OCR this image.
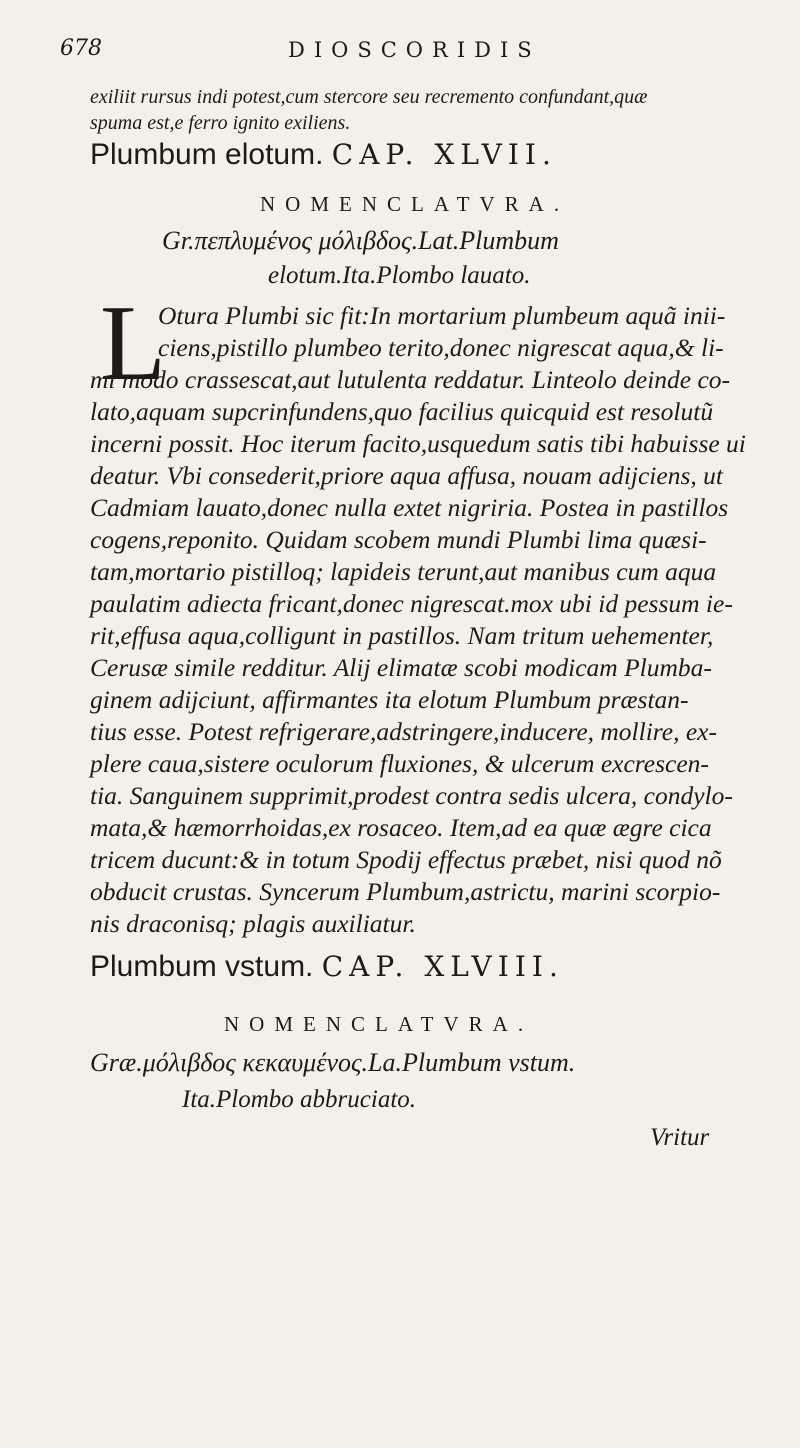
678	DIOSCORIDIS
exiliit rursus indi potest,cum stercore seu recremento confundant,quæ
spuma est,e ferro ignito exiliens.
Plumbum elotum. CAP. XLVII.
NOMENCLATVRA.
Gr.πεπλυμένος μόλιβδος.Lat.Plumbum
elotum.Ita.Plombo lauato.
L
Otura Plumbi sic fit:In mortarium plumbeum aquã inii-
ciens,pistillo plumbeo terito,donec nigrescat aqua,& li-
mi modo crassescat,aut lutulenta reddatur. Linteolo deinde co-
lato,aquam supcrinfundens,quo facilius quicquid est resolutũ
incerni possit. Hoc iterum facito,usquedum satis tibi habuisse ui
deatur. Vbi consederit,priore aqua affusa, nouam adijciens, ut
Cadmiam lauato,donec nulla extet nigriria. Postea in pastillos
cogens,reponito. Quidam scobem mundi Plumbi lima quæsi-
tam,mortario pistilloq; lapideis terunt,aut manibus cum aqua
paulatim adiecta fricant,donec nigrescat.mox ubi id pessum ie-
rit,effusa aqua,colligunt in pastillos. Nam tritum uehementer,
Cerusæ simile redditur. Alij elimatæ scobi modicam Plumba-
ginem adijciunt, affirmantes ita elotum Plumbum præstan-
tius esse. Potest refrigerare,adstringere,inducere, mollire, ex-
plere caua,sistere oculorum fluxiones, & ulcerum excrescen-
tia. Sanguinem supprimit,prodest contra sedis ulcera, condylo-
mata,& hæmorrhoidas,ex rosaceo. Item,ad ea quæ ægre cica
tricem ducunt:& in totum Spodij effectus præbet, nisi quod nõ
obducit crustas. Syncerum Plumbum,astrictu, marini scorpio-
nis draconisq; plagis auxiliatur.
Plumbum vstum. CAP. XLVIII.
NOMENCLATVRA.
Græ.μόλιβδος κεκαυμένος.La.Plumbum vstum.
Ita.Plombo abbruciato.
Vritur
